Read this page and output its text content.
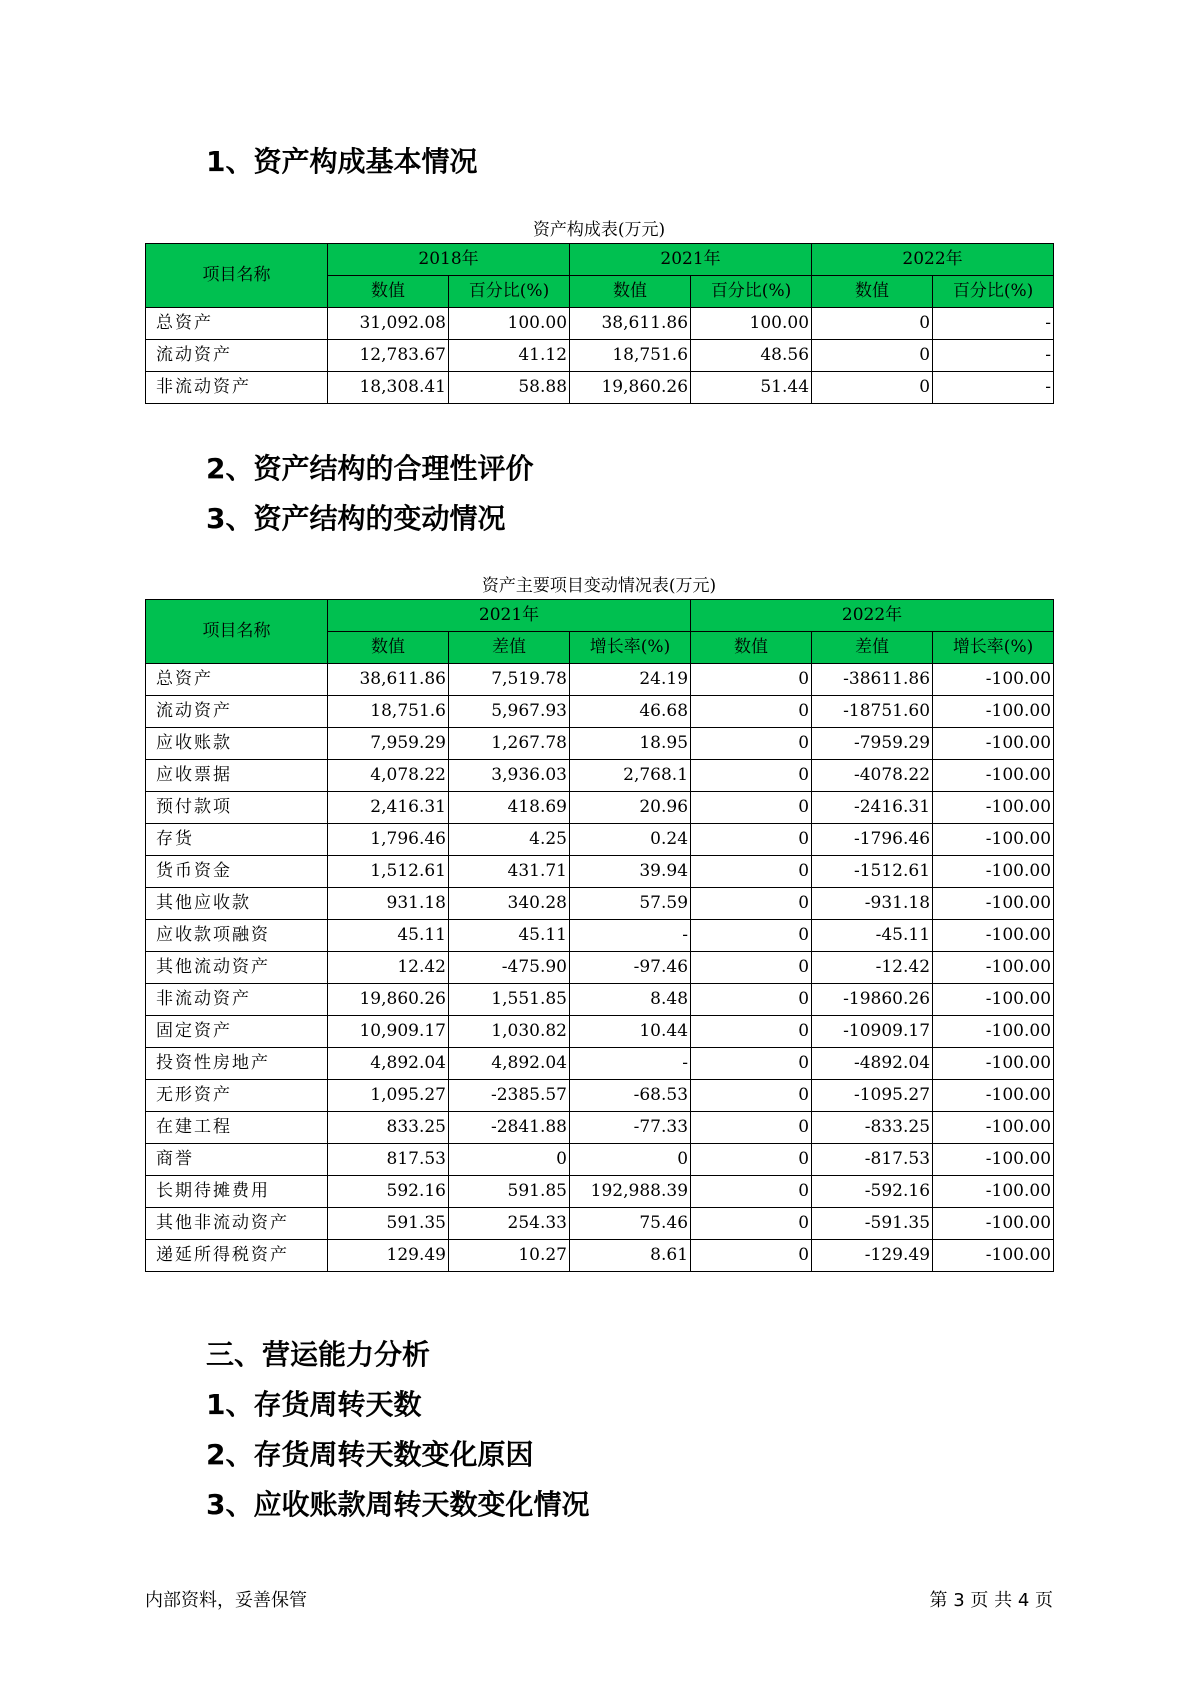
1、资产构成基本情况
资产构成表(万元)
项目名称	2018年		2021年		2022年	
	数值	百分比(%)	数值	百分比(%)	数值	百分比(%)
总资产	31,092.08	100.00	38,611.86	100.00	0	-
流动资产	12,783.67	41.12	18,751.6	48.56	0	-
非流动资产	18,308.41	58.88	19,860.26	51.44	0	-
2、资产结构的合理性评价
3、资产结构的变动情况
资产主要项目变动情况表(万元)
项目名称	2021年			2022年		
	数值	差值	增长率(%)	数值	差值	增长率(%)
总资产	38,611.86	7,519.78	24.19	0	-38611.86	-100.00
流动资产	18,751.6	5,967.93	46.68	0	-18751.60	-100.00
应收账款	7,959.29	1,267.78	18.95	0	-7959.29	-100.00
应收票据	4,078.22	3,936.03	2,768.1	0	-4078.22	-100.00
预付款项	2,416.31	418.69	20.96	0	-2416.31	-100.00
存货	1,796.46	4.25	0.24	0	-1796.46	-100.00
货币资金	1,512.61	431.71	39.94	0	-1512.61	-100.00
其他应收款	931.18	340.28	57.59	0	-931.18	-100.00
应收款项融资	45.11	45.11	-	0	-45.11	-100.00
其他流动资产	12.42	-475.90	-97.46	0	-12.42	-100.00
非流动资产	19,860.26	1,551.85	8.48	0	-19860.26	-100.00
固定资产	10,909.17	1,030.82	10.44	0	-10909.17	-100.00
投资性房地产	4,892.04	4,892.04	-	0	-4892.04	-100.00
无形资产	1,095.27	-2385.57	-68.53	0	-1095.27	-100.00
在建工程	833.25	-2841.88	-77.33	0	-833.25	-100.00
商誉	817.53	0	0	0	-817.53	-100.00
长期待摊费用	592.16	591.85	192,988.39	0	-592.16	-100.00
其他非流动资产	591.35	254.33	75.46	0	-591.35	-100.00
递延所得税资产	129.49	10.27	8.61	0	-129.49	-100.00
三、营运能力分析
1、存货周转天数
2、存货周转天数变化原因
3、应收账款周转天数变化情况
内部资料，妥善保管	第 3 页 共 4 页
